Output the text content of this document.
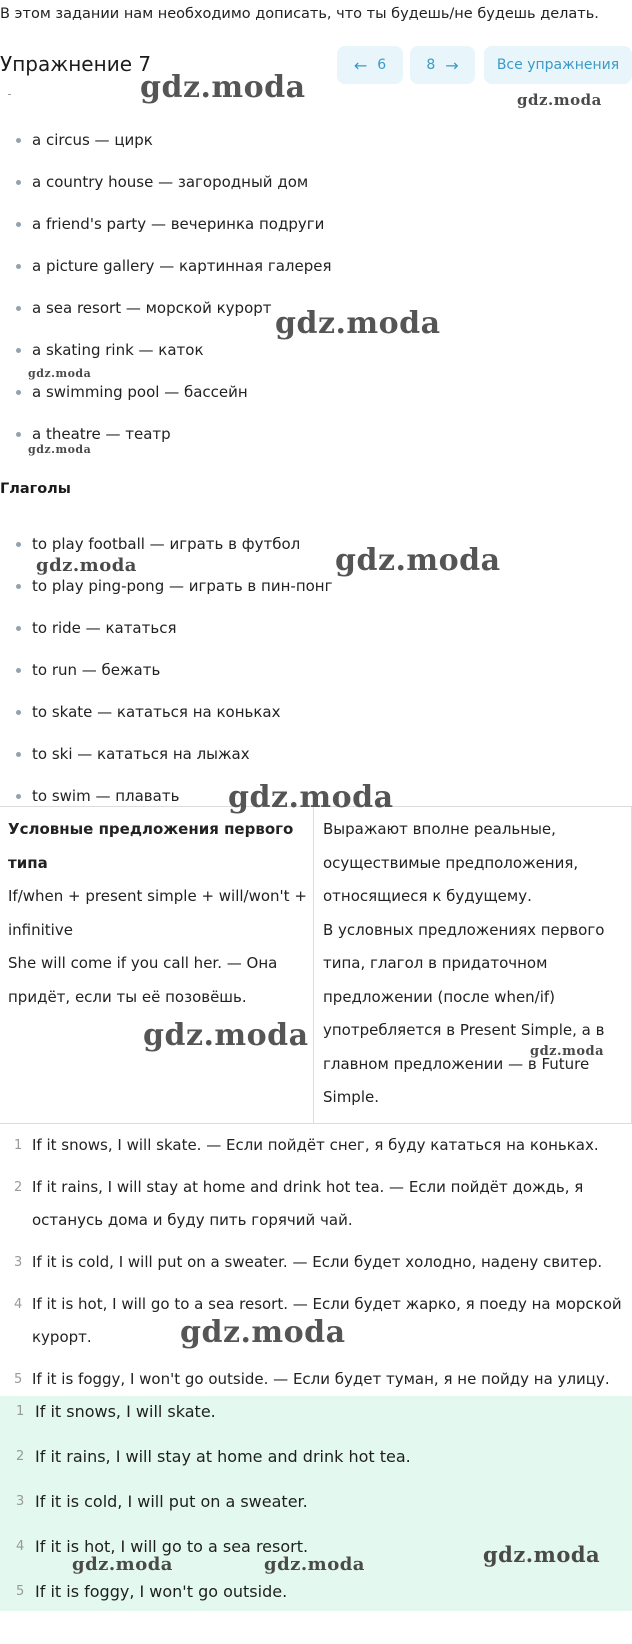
В этом задании нам необходимо дописать, что ты будешь/не будешь делать.
Упражнение 7	← 6	8 →	Все упражнения
a circus — цирк
a country house — загородный дом
a friend's party — вечеринка подруги
a picture gallery — картинная галерея
a sea resort — морской курорт
a skating rink — каток
a swimming pool — бассейн
a theatre — театр
Глаголы
to play football — играть в футбол
to play ping-pong — играть в пин-понг
to ride — кататься
to run — бежать
to skate — кататься на коньках
to ski — кататься на лыжах
to swim — плавать

Условные предложения первого типа

If/when + present simple + will/won't + infinitive

She will come if you call her. — Она придёт, если ты её позовёшь.

Выражают вполне реальные, осуществимые предположения, относящиеся к будущему.

В условных предложениях первого типа, глагол в придаточном предложении (после when/if) употребляется в Present Simple, а в главном предложении — в Future Simple.

1 If it snows, I will skate. — Если пойдёт снег, я буду кататься на коньках.
2 If it rains, I will stay at home and drink hot tea. — Если пойдёт дождь, я останусь дома и буду пить горячий чай.
3 If it is cold, I will put on a sweater. — Если будет холодно, надену свитер.
4 If it is hot, I will go to a sea resort. — Если будет жарко, я поеду на морской курорт.
5 If it is foggy, I won't go outside. — Если будет туман, я не пойду на улицу.
1 If it snows, I will skate.
2 If it rains, I will stay at home and drink hot tea.
3 If it is cold, I will put on a sweater.
4 If it is hot, I will go to a sea resort.
5 If it is foggy, I won't go outside.
gdz.moda	gdz.moda
gdz.moda
gdz.moda
gdz.moda
gdz.moda	gdz.moda
gdz.moda
gdz.moda	gdz.moda
gdz.moda
gdz.moda	gdz.moda	gdz.moda
